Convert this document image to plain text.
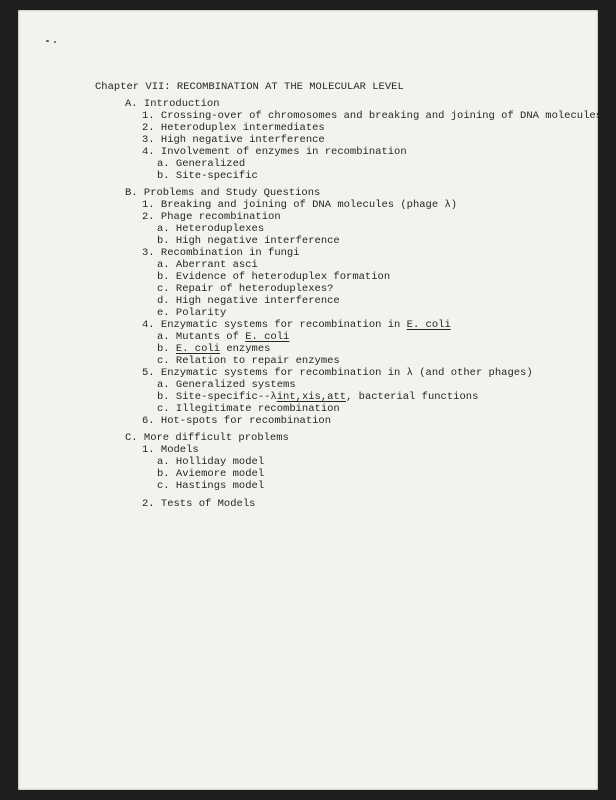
Chapter VII: RECOMBINATION AT THE MOLECULAR LEVEL

A. Introduction

1. Crossing-over of chromosomes and breaking and joining of DNA molecules

2. Heteroduplex intermediates

3. High negative interference

4. Involvement of enzymes in recombination

a. Generalized

b. Site-specific

B. Problems and Study Questions

1. Breaking and joining of DNA molecules (phage λ)

2. Phage recombination

a. Heteroduplexes

b. High negative interference

3. Recombination in fungi

a. Aberrant asci

b. Evidence of heteroduplex formation

c. Repair of heteroduplexes?

d. High negative interference

e. Polarity

4. Enzymatic systems for recombination in E. coli

a. Mutants of E. coli

b. E. coli enzymes

c. Relation to repair enzymes

5. Enzymatic systems for recombination in λ (and other phages)

a. Generalized systems

b. Site-specific--λint,xis,att, bacterial functions

c. Illegitimate recombination

6. Hot-spots for recombination

C. More difficult problems

1. Models

a. Holliday model

b. Aviemore model

c. Hastings model

2. Tests of Models
